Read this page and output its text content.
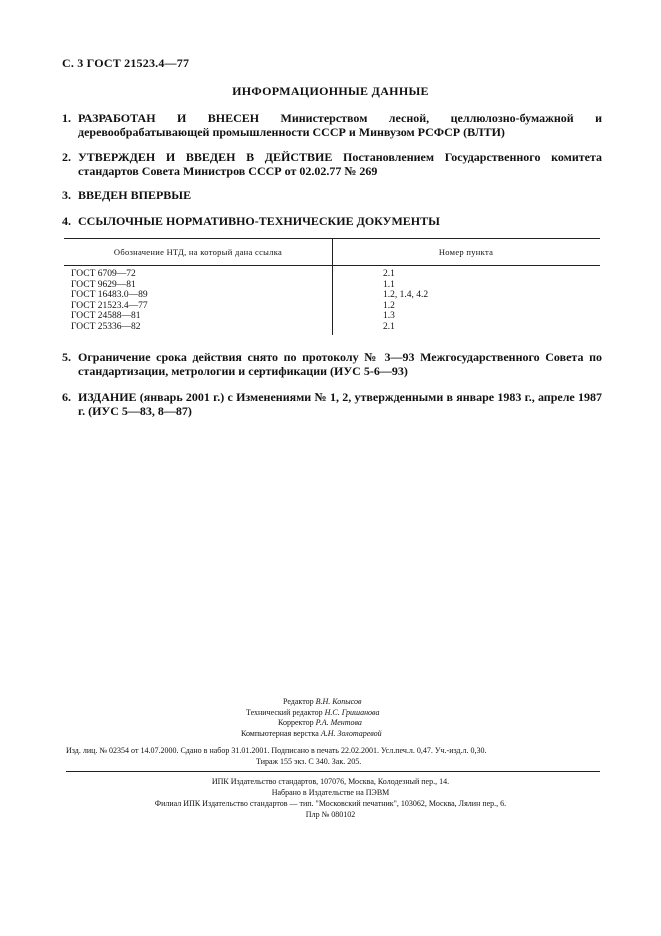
С. 3 ГОСТ 21523.4—77
ИНФОРМАЦИОННЫЕ ДАННЫЕ
1. РАЗРАБОТАН И ВНЕСЕН Министерством лесной, целлюлозно-бумажной и деревообрабатывающей промышленности СССР и Минвузом РСФСР (ВЛТИ)
2. УТВЕРЖДЕН И ВВЕДЕН В ДЕЙСТВИЕ Постановлением Государственного комитета стандартов Совета Министров СССР от 02.02.77 № 269
3. ВВЕДЕН ВПЕРВЫЕ
4. ССЫЛОЧНЫЕ НОРМАТИВНО-ТЕХНИЧЕСКИЕ ДОКУМЕНТЫ
Обозначение НТД, на который дана ссылка	Номер пункта
ГОСТ 6709—72
ГОСТ 9629—81
ГОСТ 16483.0—89
ГОСТ 21523.4—77
ГОСТ 24588—81
ГОСТ 25336—82
2.1
1.1
1.2, 1.4, 4.2
1.2
1.3
2.1
5. Ограничение срока действия снято по протоколу № 3—93 Межгосударственного Совета по стандартизации, метрологии и сертификации (ИУС 5-6—93)
6. ИЗДАНИЕ (январь 2001 г.) с Изменениями № 1, 2, утвержденными в январе 1983 г., апреле 1987 г. (ИУС 5—83, 8—87)
Редактор В.Н. Копысов
Технический редактор Н.С. Гришанова
Корректор Р.А. Ментова
Компьютерная верстка А.Н. Золотаревой
Изд. лиц. № 02354 от 14.07.2000. Сдано в набор 31.01.2001. Подписано в печать 22.02.2001. Усл.печ.л. 0,47. Уч.-изд.л. 0,30.
Тираж 155 экз. С 340. Зак. 205.
ИПК Издательство стандартов, 107076, Москва, Колодезный пер., 14.
Набрано в Издательстве на ПЭВМ
Филиал ИПК Издательство стандартов — тип. "Московский печатник", 103062, Москва, Лялин пер., 6.
Плр № 080102
